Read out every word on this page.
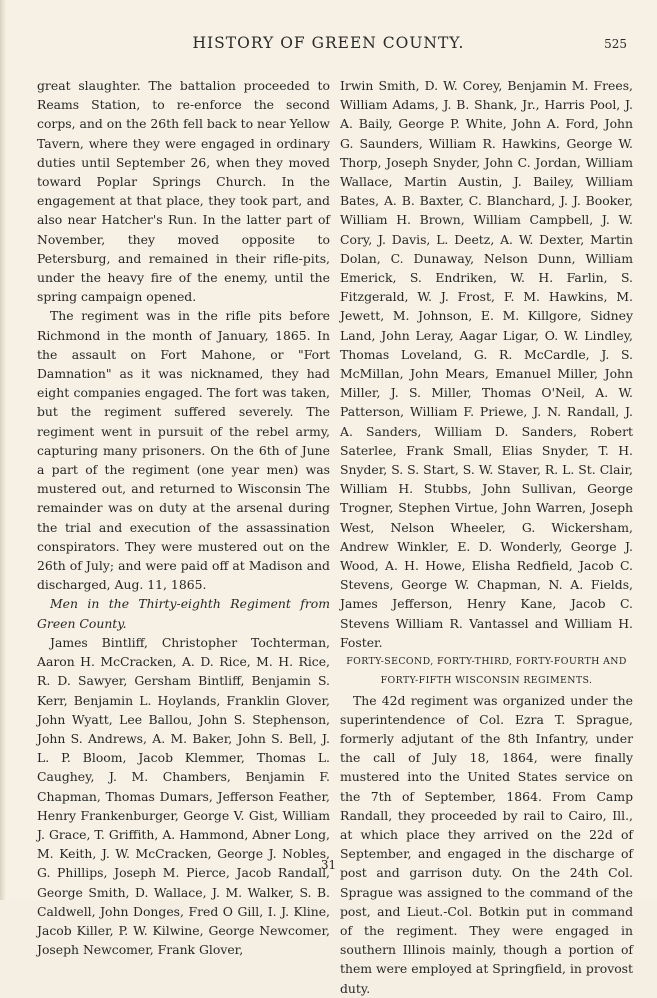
HISTORY OF GREEN COUNTY.	525

great slaughter. The battalion proceeded to Reams Station, to re-enforce the second corps, and on the 26th fell back to near Yellow Tavern, where they were engaged in ordinary duties until September 26, when they moved toward Poplar Springs Church. In the engagement at that place, they took part, and also near Hatcher's Run. In the latter part of November, they moved opposite to Petersburg, and remained in their rifle-pits, under the heavy fire of the enemy, until the spring campaign opened.

The regiment was in the rifle pits before Richmond in the month of January, 1865. In the assault on Fort Mahone, or "Fort Damnation" as it was nicknamed, they had eight companies engaged. The fort was taken, but the regiment suffered severely. The regiment went in pursuit of the rebel army, capturing many prisoners. On the 6th of June a part of the regiment (one year men) was mustered out, and returned to Wisconsin The remainder was on duty at the arsenal during the trial and execution of the assassination conspirators. They were mustered out on the 26th of July; and were paid off at Madison and discharged, Aug. 11, 1865.

Men in the Thirty-eighth Regiment from Green County.

James Bintliff, Christopher Tochterman, Aaron H. McCracken, A. D. Rice, M. H. Rice, R. D. Sawyer, Gersham Bintliff, Benjamin S. Kerr, Benjamin L. Hoylands, Franklin Glover, John Wyatt, Lee Ballou, John S. Stephenson, John S. Andrews, A. M. Baker, John S. Bell, J. L. P. Bloom, Jacob Klemmer, Thomas L. Caughey, J. M. Chambers, Benjamin F. Chapman, Thomas Dumars, Jefferson Feather, Henry Frankenburger, George V. Gist, William J. Grace, T. Griffith, A. Hammond, Abner Long, M. Keith, J. W. McCracken, George J. Nobles, G. Phillips, Joseph M. Pierce, Jacob Randall, George Smith, D. Wallace, J. M. Walker, S. B. Caldwell, John Donges, Fred O Gill, I. J. Kline, Jacob Killer, P. W. Kilwine, George Newcomer, Joseph Newcomer, Frank Glover,

Irwin Smith, D. W. Corey, Benjamin M. Frees, William Adams, J. B. Shank, Jr., Harris Pool, J. A. Baily, George P. White, John A. Ford, John G. Saunders, William R. Hawkins, George W. Thorp, Joseph Snyder, John C. Jordan, William Wallace, Martin Austin, J. Bailey, William Bates, A. B. Baxter, C. Blanchard, J. J. Booker, William H. Brown, William Campbell, J. W. Cory, J. Davis, L. Deetz, A. W. Dexter, Martin Dolan, C. Dunaway, Nelson Dunn, William Emerick, S. Endriken, W. H. Farlin, S. Fitzgerald, W. J. Frost, F. M. Hawkins, M. Jewett, M. Johnson, E. M. Killgore, Sidney Land, John Leray, Aagar Ligar, O. W. Lindley, Thomas Loveland, G. R. McCardle, J. S. McMillan, John Mears, Emanuel Miller, John Miller, J. S. Miller, Thomas O'Neil, A. W. Patterson, William F. Priewe, J. N. Randall, J. A. Sanders, William D. Sanders, Robert Saterlee, Frank Small, Elias Snyder, T. H. Snyder, S. S. Start, S. W. Staver, R. L. St. Clair, William H. Stubbs, John Sullivan, George Trogner, Stephen Virtue, John Warren, Joseph West, Nelson Wheeler, G. Wickersham, Andrew Winkler, E. D. Wonderly, George J. Wood, A. H. Howe, Elisha Redfield, Jacob C. Stevens, George W. Chapman, N. A. Fields, James Jefferson, Henry Kane, Jacob C. Stevens William R. Vantassel and William H. Foster.

FORTY-SECOND, FORTY-THIRD, FORTY-FOURTH AND
FORTY-FIFTH WISCONSIN REGIMENTS.

The 42d regiment was organized under the superintendence of Col. Ezra T. Sprague, formerly adjutant of the 8th Infantry, under the call of July 18, 1864, were finally mustered into the United States service on the 7th of September, 1864. From Camp Randall, they proceeded by rail to Cairo, Ill., at which place they arrived on the 22d of September, and engaged in the discharge of post and garrison duty. On the 24th Col. Sprague was assigned to the command of the post, and Lieut.-Col. Botkin put in command of the regiment. They were engaged in southern Illinois mainly, though a portion of them were employed at Springfield, in provost duty.

31
